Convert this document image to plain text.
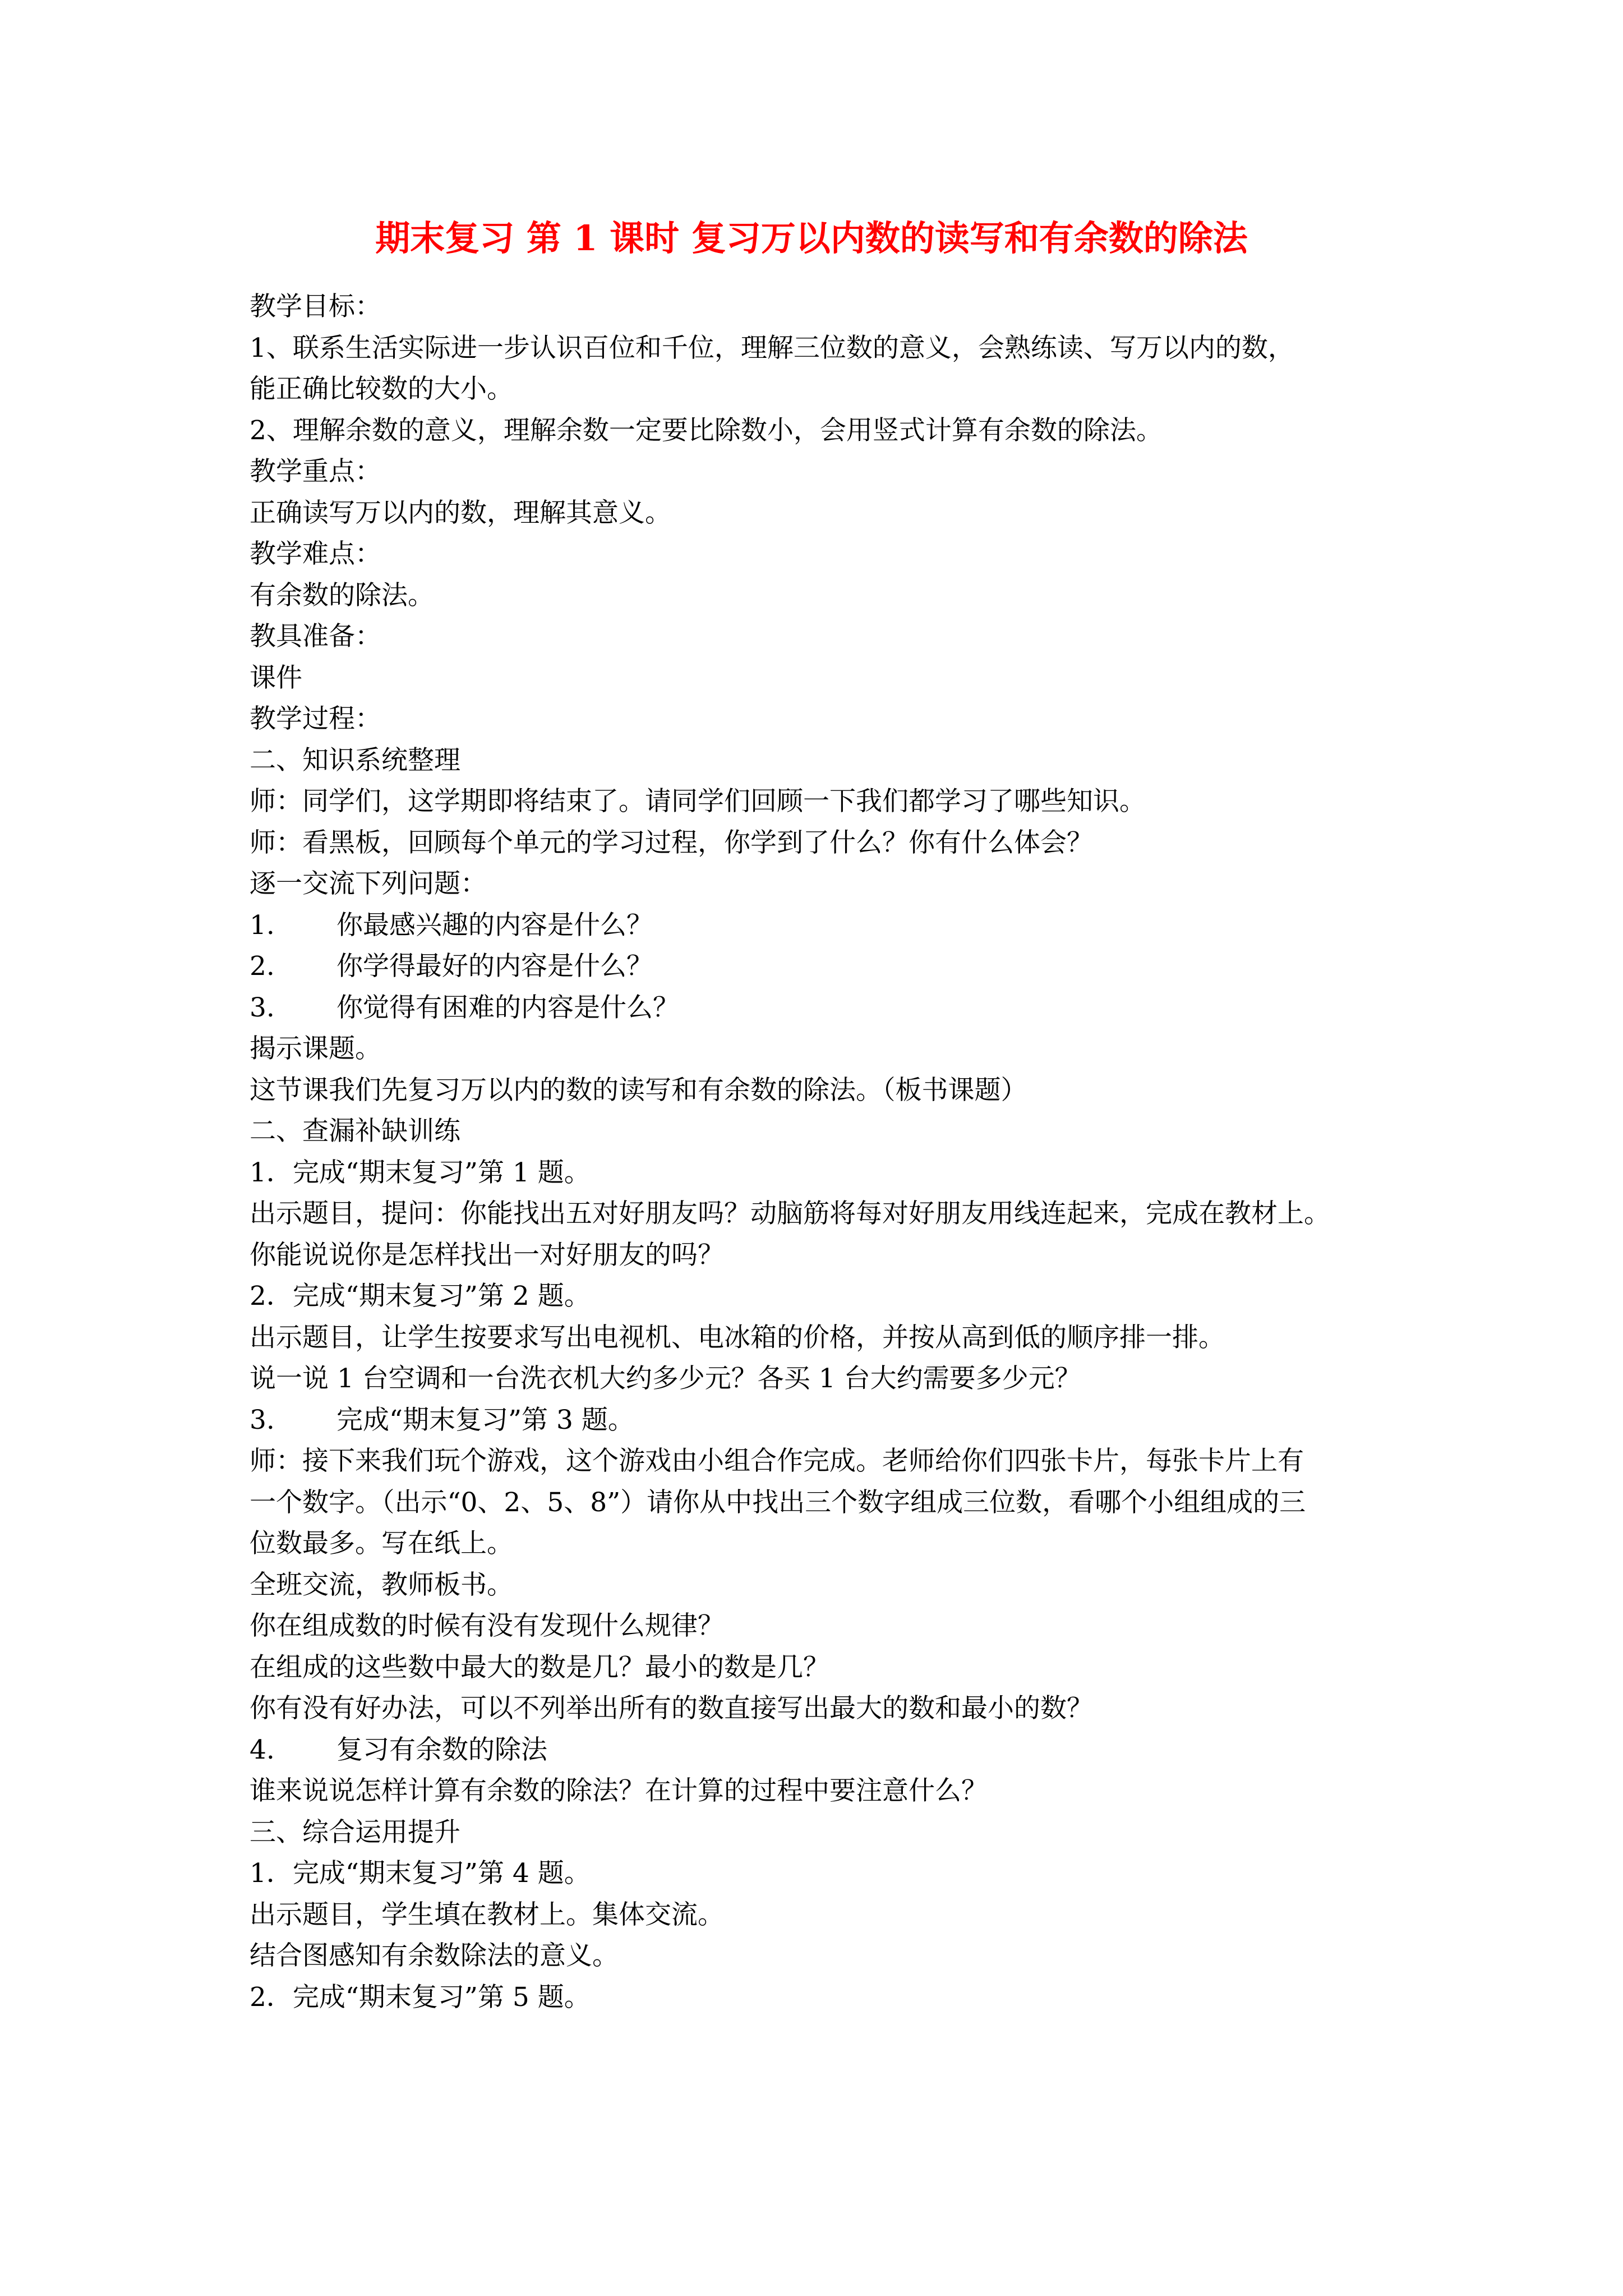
期末复习 第 1 课时 复习万以内数的读写和有余数的除法
教学目标：
1、联系生活实际进一步认识百位和千位，理解三位数的意义，会熟练读、写万以内的数，
能正确比较数的大小。
2、理解余数的意义，理解余数一定要比除数小，会用竖式计算有余数的除法。
教学重点：
正确读写万以内的数，理解其意义。
教学难点：
有余数的除法。
教具准备：
课件
教学过程：
二、知识系统整理
师：同学们，这学期即将结束了。请同学们回顾一下我们都学习了哪些知识。
师：看黑板，回顾每个单元的学习过程，你学到了什么？你有什么体会？
逐一交流下列问题：
1. 你最感兴趣的内容是什么？
2. 你学得最好的内容是什么？
3. 你觉得有困难的内容是什么？
揭示课题。
这节课我们先复习万以内的数的读写和有余数的除法。（板书课题）
二、查漏补缺训练
1．完成“期末复习”第 1 题。
出示题目，提问：你能找出五对好朋友吗？动脑筋将每对好朋友用线连起来，完成在教材上。
你能说说你是怎样找出一对好朋友的吗？
2．完成“期末复习”第 2 题。
出示题目，让学生按要求写出电视机、电冰箱的价格，并按从高到低的顺序排一排。
说一说 1 台空调和一台洗衣机大约多少元？各买 1 台大约需要多少元？
3. 完成“期末复习”第 3 题。
师：接下来我们玩个游戏，这个游戏由小组合作完成。老师给你们四张卡片，每张卡片上有
一个数字。（出示“0、2、5、8”）请你从中找出三个数字组成三位数，看哪个小组组成的三
位数最多。写在纸上。
全班交流，教师板书。
你在组成数的时候有没有发现什么规律？
在组成的这些数中最大的数是几？最小的数是几？
你有没有好办法，可以不列举出所有的数直接写出最大的数和最小的数？
4. 复习有余数的除法
谁来说说怎样计算有余数的除法？在计算的过程中要注意什么？
三、综合运用提升
1．完成“期末复习”第 4 题。
出示题目，学生填在教材上。集体交流。
结合图感知有余数除法的意义。
2．完成“期末复习”第 5 题。
